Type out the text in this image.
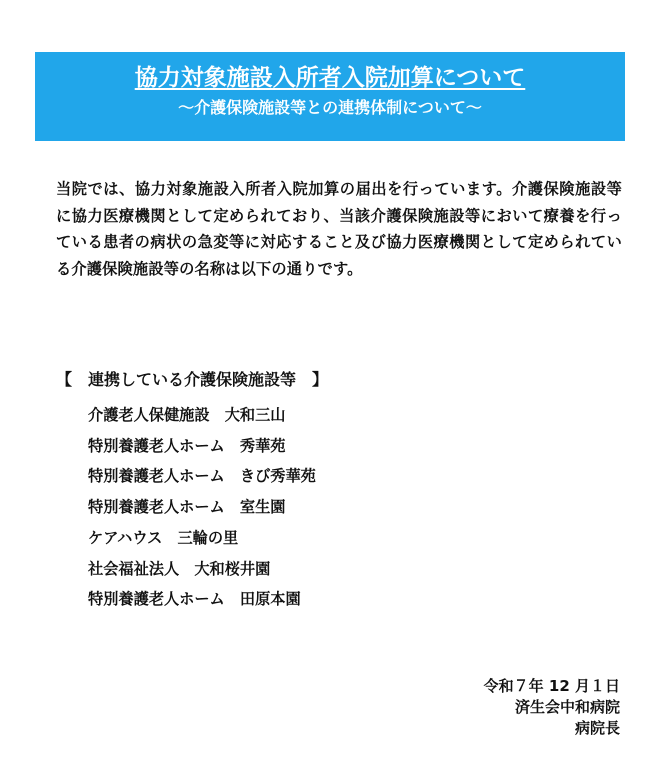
協力対象施設入所者入院加算について
～介護保険施設等との連携体制について～

当院では、協力対象施設入所者入院加算の届出を行っています。介護保険施設等に協力医療機関として定められており、当該介護保険施設等において療養を行っている患者の病状の急変等に対応すること及び協力医療機関として定められている介護保険施設等の名称は以下の通りです。

【　連携している介護保険施設等　】
介護老人保健施設　大和三山
特別養護老人ホーム　秀華苑
特別養護老人ホーム　きび秀華苑
特別養護老人ホーム　室生園
ケアハウス　三輪の里
社会福祉法人　大和桜井園
特別養護老人ホーム　田原本園
令和７年 12 月１日
済生会中和病院
病院長
